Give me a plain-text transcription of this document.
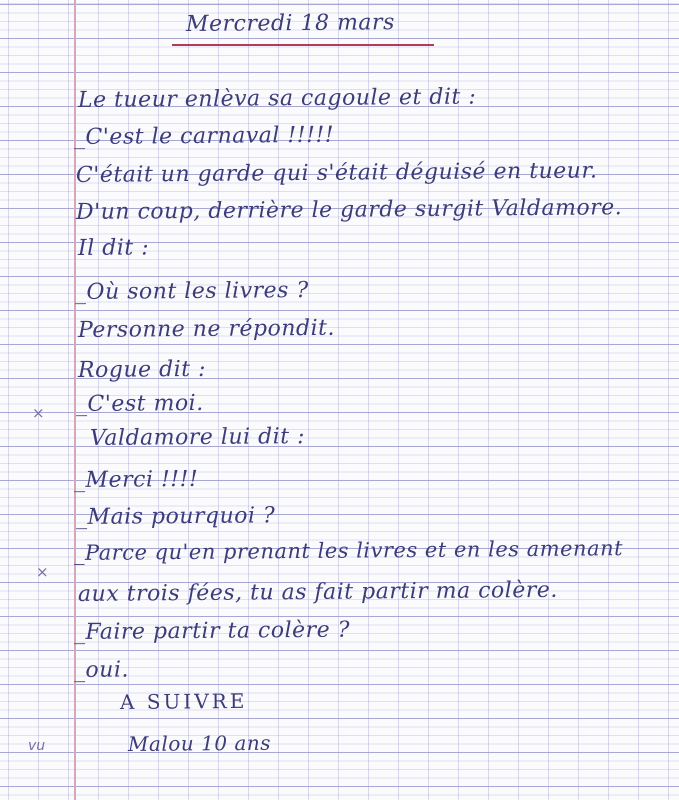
Mercredi 18 mars
Le tueur enlèva sa cagoule et dit :
_C'est le carnaval !!!!!
C'était un garde qui s'était déguisé en tueur.
D'un coup, derrière le garde surgit Valdamore.
Il dit :
_Où sont les livres ?
Personne ne répondit.
Rogue dit :
_C'est moi.
Valdamore lui dit :
_Merci !!!!
_Mais pourquoi ?
_Parce qu'en prenant les livres et en les amenant
aux trois fées, tu as fait partir ma colère.
_Faire partir ta colère ?
_oui.
A SUIVRE
Malou 10 ans
×
×
vu
